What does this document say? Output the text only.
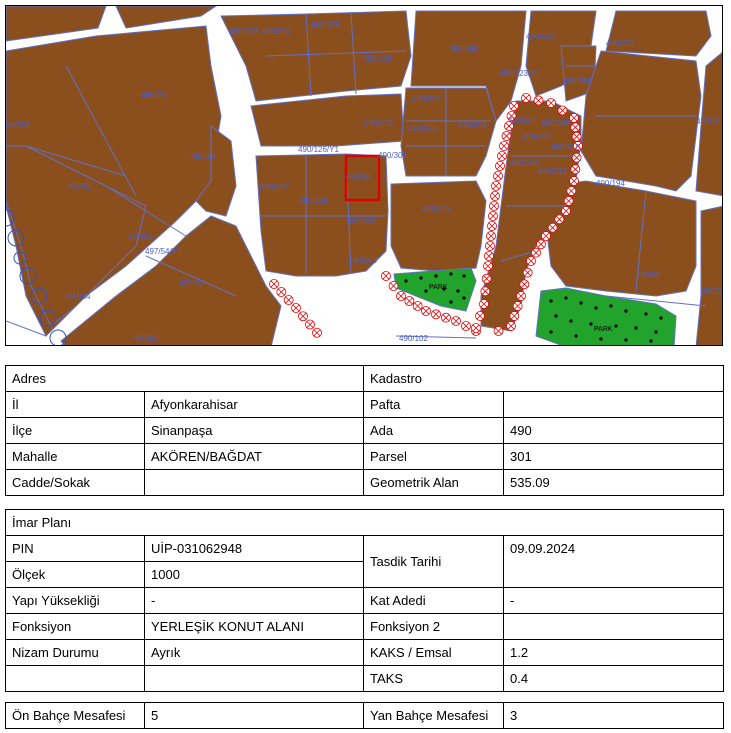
PARK
PARK
490/373 490/374
490/375
490/299
490/313
490/202
486/25
490/129
490/307
490/304
497/53	490/126
490/306
490/126/Y1
490/303
490/195
490/310
486/26
490/197
490/30
490/196
490/311
490/194
497/53
490/128
490/124
497/54
490/302
497/54/Y1
490/103
490/99
497/55
497/84
497/82	490/102
490/123/Y1
490/368
490/309	490/10
490/304
490/3
Adres		Kadastro	
İl	Afyonkarahisar	Pafta	
İlçe	Sinanpaşa	Ada	490
Mahalle	AKÖREN/BAĞDAT	Parsel	301
Cadde/Sokak		Geometrik Alan	535.09
İmar Planı			
PIN	UİP-031062948	Tasdik Tarihi	09.09.2024
Ölçek	1000		
Yapı Yüksekliği	-	Kat Adedi	-
Fonksiyon	YERLEŞİK KONUT ALANI	Fonksiyon 2	
Nizam Durumu	Ayrık	KAKS / Emsal	1.2
		TAKS	0.4
Ön Bahçe Mesafesi	5	Yan Bahçe Mesafesi	3
